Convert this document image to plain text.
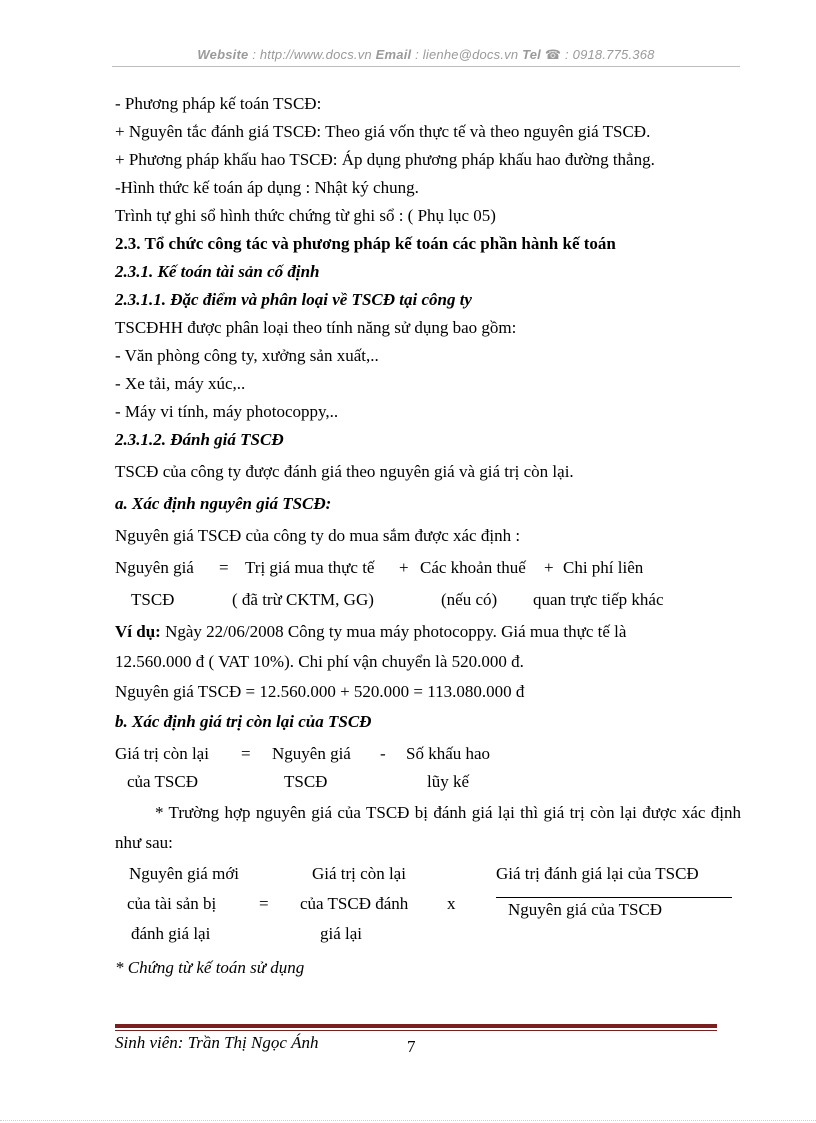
Website : http://www.docs.vn Email : lienhe@docs.vn Tel ☎ : 0918.775.368
- Phương pháp kế toán TSCĐ:
+ Nguyên tắc đánh giá TSCĐ: Theo giá vốn thực tế và theo nguyên giá TSCĐ.
+ Phương pháp khấu hao TSCĐ: Áp dụng phương pháp khấu hao đường thẳng.
-Hình thức kế toán áp dụng : Nhật ký chung.
Trình tự ghi sổ hình thức chứng từ ghi sổ : ( Phụ lục 05)
2.3. Tổ chức công tác và phương pháp kế toán các phần hành kế toán
2.3.1. Kế toán tài sản cố định
2.3.1.1. Đặc điểm và phân loại về TSCĐ tại công ty
TSCĐHH được phân loại theo tính năng sử dụng bao gồm:
- Văn phòng công ty, xưởng sản xuất,..
- Xe tải, máy xúc,..
- Máy vi tính, máy photocoppy,..
2.3.1.2. Đánh giá TSCĐ
TSCĐ của công ty được đánh giá theo nguyên giá và giá trị còn lại.
a. Xác định nguyên giá TSCĐ:
Nguyên giá TSCĐ của công ty do mua sắm được xác định :
Nguyên giá = Trị giá mua thực tế + Các khoản thuế + Chi phí liên
TSCĐ	( đã trừ CKTM, GG)	(nếu có) quan trực tiếp khác
Ví dụ: Ngày 22/06/2008 Công ty mua máy photocoppy. Giá mua thực tế là
12.560.000 đ ( VAT 10%). Chi phí vận chuyển là 520.000 đ.
Nguyên giá TSCĐ = 12.560.000 + 520.000 = 113.080.000 đ
b. Xác định giá trị còn lại của TSCĐ
Giá trị còn lại = Nguyên giá - Số khấu hao
của TSCĐ	TSCĐ	lũy kế
* Trường hợp nguyên giá của TSCĐ bị đánh giá lại thì giá trị còn lại được xác định như sau:
Nguyên giá mới
của tài sản bị
đánh giá lại
=
Giá trị còn lại
của TSCĐ đánh
giá lại
x
Giá trị đánh giá lại của TSCĐ
Nguyên giá của TSCĐ
* Chứng từ kế toán sử dụng
Sinh viên: Trần Thị Ngọc Ánh	7
